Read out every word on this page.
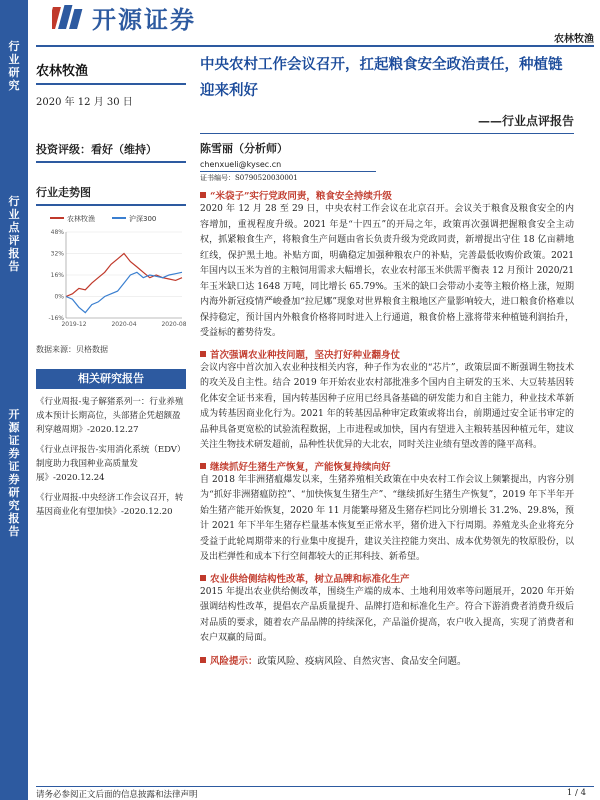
行业研究
行业点评报告
开源证券 证券研究报告
开源证券
农林牧渔
农林牧渔
2020 年 12 月 30 日
投资评级：看好（维持）
行业走势图
农林牧渔	沪深300
-16%
0%
16%
32%
48%
2019-12	2020-04	2020-08
数据来源：贝格数据
相关研究报告
《行业周报-鬼子解猪系列一：行业养殖成本预计长期高位，头部猪企凭超额盈利穿越周期》-2020.12.27
《行业点评报告-实用消化系统（EDV）制度助力我国种业高质量发展》-2020.12.24
《行业周报-中央经济工作会议召开，转基因商业化有望加快》-2020.12.20
中央农村工作会议召开，扛起粮食安全政治责任，种植链迎来利好
——行业点评报告
陈雪丽（分析师）
chenxueli@kysec.cn
证书编号：S0790520030001
“米袋子”实行党政同责，粮食安全持续升级
2020 年 12 月 28 至 29 日，中央农村工作会议在北京召开。会议关于粮食及粮食安全的内容增加，重视程度升级。2021 年是“十四五”的开局之年，政策再次强调把握粮食安全主动权，抓紧粮食生产，将粮食生产问题由省长负责升级为党政同责，新增提出守住 18 亿亩耕地红线，保护黑土地。补贴方面，明确稳定加强种粮农户的补贴，完善最低收购价政策。2021 年国内以玉米为首的主粮饲用需求大幅增长，农业农村部玉米供需平衡表 12 月预计 2020/21 年玉米缺口达 1648 万吨，同比增长 65.79%。玉米的缺口会带动小麦等主粮价格上涨，短期内海外新冠疫情严峻叠加“拉尼娜”现象对世界粮食主粮地区产量影响较大，进口粮食价格难以保持稳定，预计国内外粮食价格将同时进入上行通道，粮食价格上涨将带来种植链利润抬升，受益标的蓄势待发。
首次强调农业种技问题，坚决打好种业翻身仗
会议内容中首次加入农业种技相关内容，种子作为农业的“芯片”，政策层面不断强调生物技术的攻关及自主性。结合 2019 年开始农业农村部批准多个国内自主研发的玉米、大豆转基因转化体安全证书来看，国内转基因种子应用已经具备基础的研发能力和自主能力，种业技术革新成为转基因商业化行为。2021 年的转基因品种审定政策或将出台，前期通过安全证书审定的品种具备更宽松的试验流程数据，上市进程或加快，国内有望进入主粮转基因种植元年，建议关注生物技术研发超前，品种性状优异的大北农，同时关注业绩有望改善的隆平高科。
继续抓好生猪生产恢复，产能恢复持续向好
自 2018 年非洲猪瘟爆发以来，生猪养殖相关政策在中央农村工作会议上频繁提出，内容分别为“抓好非洲猪瘟防控”、“加快恢复生猪生产”、“继续抓好生猪生产恢复”，2019 年下半年开始生猪产能开始恢复，2020 年 11 月能繁母猪及生猪存栏同比分别增长 31.2%、29.8%，预计 2021 年下半年生猪存栏量基本恢复至正常水平，猪价进入下行周期。养殖龙头企业将充分受益于此轮周期带来的行业集中度提升，建议关注控能力突出、成本优势领先的牧原股份，以及出栏弹性和成本下行空间都较大的正邦科技、新希望。
农业供给侧结构性改革，树立品牌和标准化生产
2015 年提出农业供给侧改革，围绕生产端的成本、土地利用效率等问题展开，2020 年开始强调结构性改革，提倡农产品质量提升、品牌打造和标准化生产。符合下游消费者消费升级后对品质的要求，随着农产品品牌的持续深化，产品溢价提高，农户收入提高，实现了消费者和农户双赢的局面。
风险提示： 政策风险、疫病风险、自然灾害、食品安全问题。
请务必参阅正文后面的信息披露和法律声明	1 / 4
